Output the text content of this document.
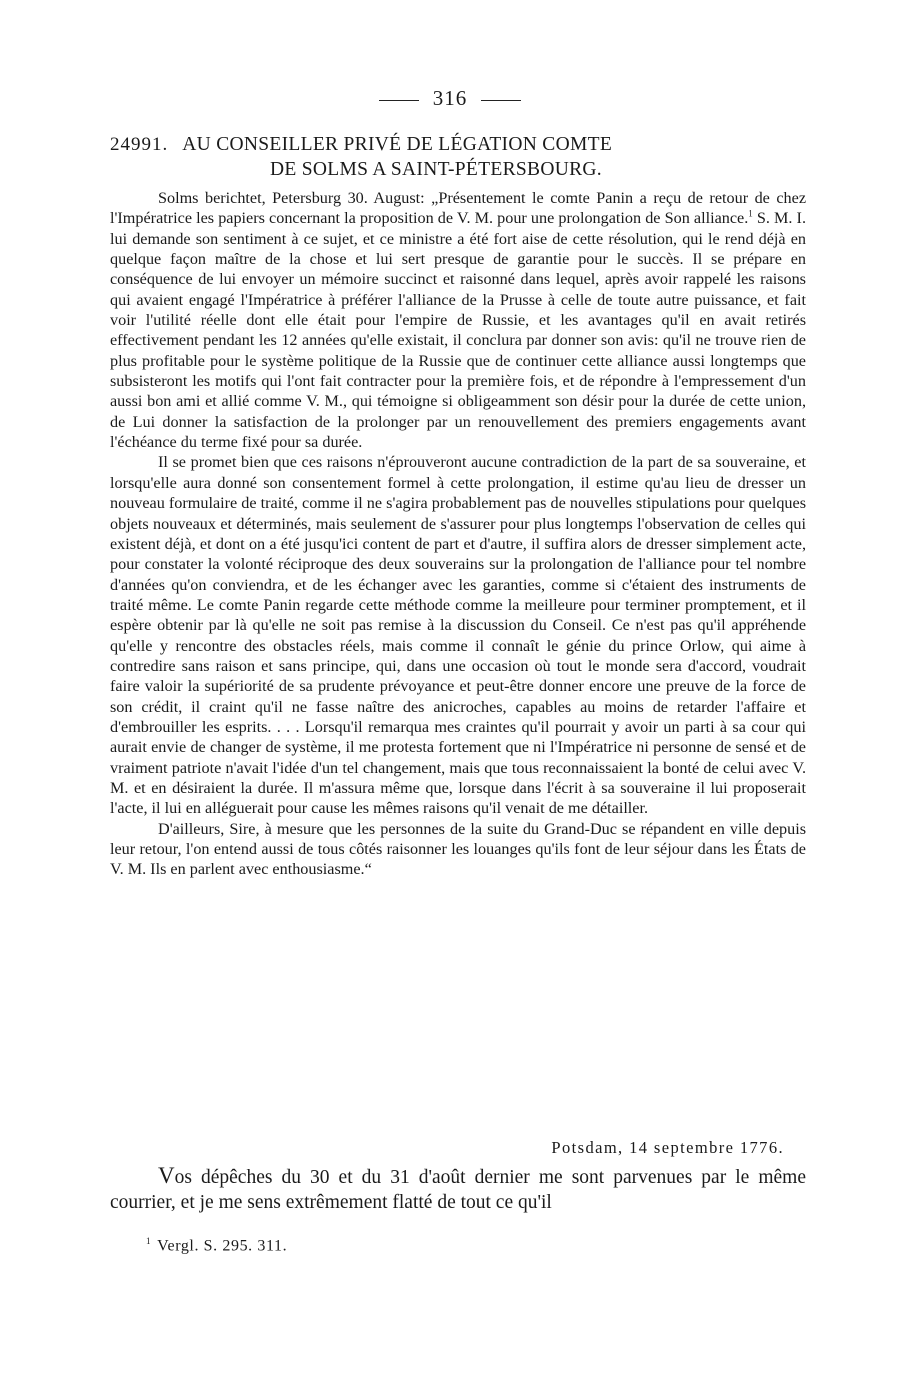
316
24991. AU CONSEILLER PRIVÉ DE LÉGATION COMTE
DE SOLMS A SAINT-PÉTERSBOURG.

Solms berichtet, Petersburg 30. August: „Présentement le comte Panin a reçu de retour de chez l'Impératrice les papiers concernant la proposition de V. M. pour une prolongation de Son alliance.$^1$ S. M. I. lui demande son sentiment à ce sujet, et ce ministre a été fort aise de cette résolution, qui le rend déjà en quelque façon maître de la chose et lui sert presque de garantie pour le succès. Il se prépare en conséquence de lui envoyer un mémoire succinct et raisonné dans lequel, après avoir rappelé les raisons qui avaient engagé l'Impératrice à préférer l'alliance de la Prusse à celle de toute autre puissance, et fait voir l'utilité réelle dont elle était pour l'empire de Russie, et les avantages qu'il en avait retirés effectivement pendant les 12 années qu'elle existait, il conclura par donner son avis: qu'il ne trouve rien de plus profitable pour le système politique de la Russie que de continuer cette alliance aussi longtemps que subsisteront les motifs qui l'ont fait contracter pour la première fois, et de répondre à l'empressement d'un aussi bon ami et allié comme V. M., qui témoigne si obligeamment son désir pour la durée de cette union, de Lui donner la satisfaction de la prolonger par un renouvellement des premiers engagements avant l'échéance du terme fixé pour sa durée.

Il se promet bien que ces raisons n'éprouveront aucune contradiction de la part de sa souveraine, et lorsqu'elle aura donné son consentement formel à cette prolongation, il estime qu'au lieu de dresser un nouveau formulaire de traité, comme il ne s'agira probablement pas de nouvelles stipulations pour quelques objets nouveaux et déterminés, mais seulement de s'assurer pour plus longtemps l'observation de celles qui existent déjà, et dont on a été jusqu'ici content de part et d'autre, il suffira alors de dresser simplement acte, pour constater la volonté réciproque des deux souverains sur la prolongation de l'alliance pour tel nombre d'années qu'on conviendra, et de les échanger avec les garanties, comme si c'étaient des instruments de traité même. Le comte Panin regarde cette méthode comme la meilleure pour terminer promptement, et il espère obtenir par là qu'elle ne soit pas remise à la discussion du Conseil. Ce n'est pas qu'il appréhende qu'elle y rencontre des obstacles réels, mais comme il connaît le génie du prince Orlow, qui aime à contredire sans raison et sans principe, qui, dans une occasion où tout le monde sera d'accord, voudrait faire valoir la supériorité de sa prudente prévoyance et peut-être donner encore une preuve de la force de son crédit, il craint qu'il ne fasse naître des anicroches, capables au moins de retarder l'affaire et d'embrouiller les esprits. . . . Lorsqu'il remarqua mes craintes qu'il pourrait y avoir un parti à sa cour qui aurait envie de changer de système, il me protesta fortement que ni l'Impératrice ni personne de sensé et de vraiment patriote n'avait l'idée d'un tel changement, mais que tous reconnaissaient la bonté de celui avec V. M. et en désiraient la durée. Il m'assura même que, lorsque dans l'écrit à sa souveraine il lui proposerait l'acte, il lui en alléguerait pour cause les mêmes raisons qu'il venait de me détailler.

D'ailleurs, Sire, à mesure que les personnes de la suite du Grand-Duc se répandent en ville depuis leur retour, l'on entend aussi de tous côtés raisonner les louanges qu'ils font de leur séjour dans les États de V. M. Ils en parlent avec enthousiasme.“

Potsdam, 14 septembre 1776.

Vos dépêches du 30 et du 31 d'août dernier me sont parvenues par le même courrier, et je me sens extrêmement flatté de tout ce qu'il

$^1$ Vergl. S. 295. 311.
